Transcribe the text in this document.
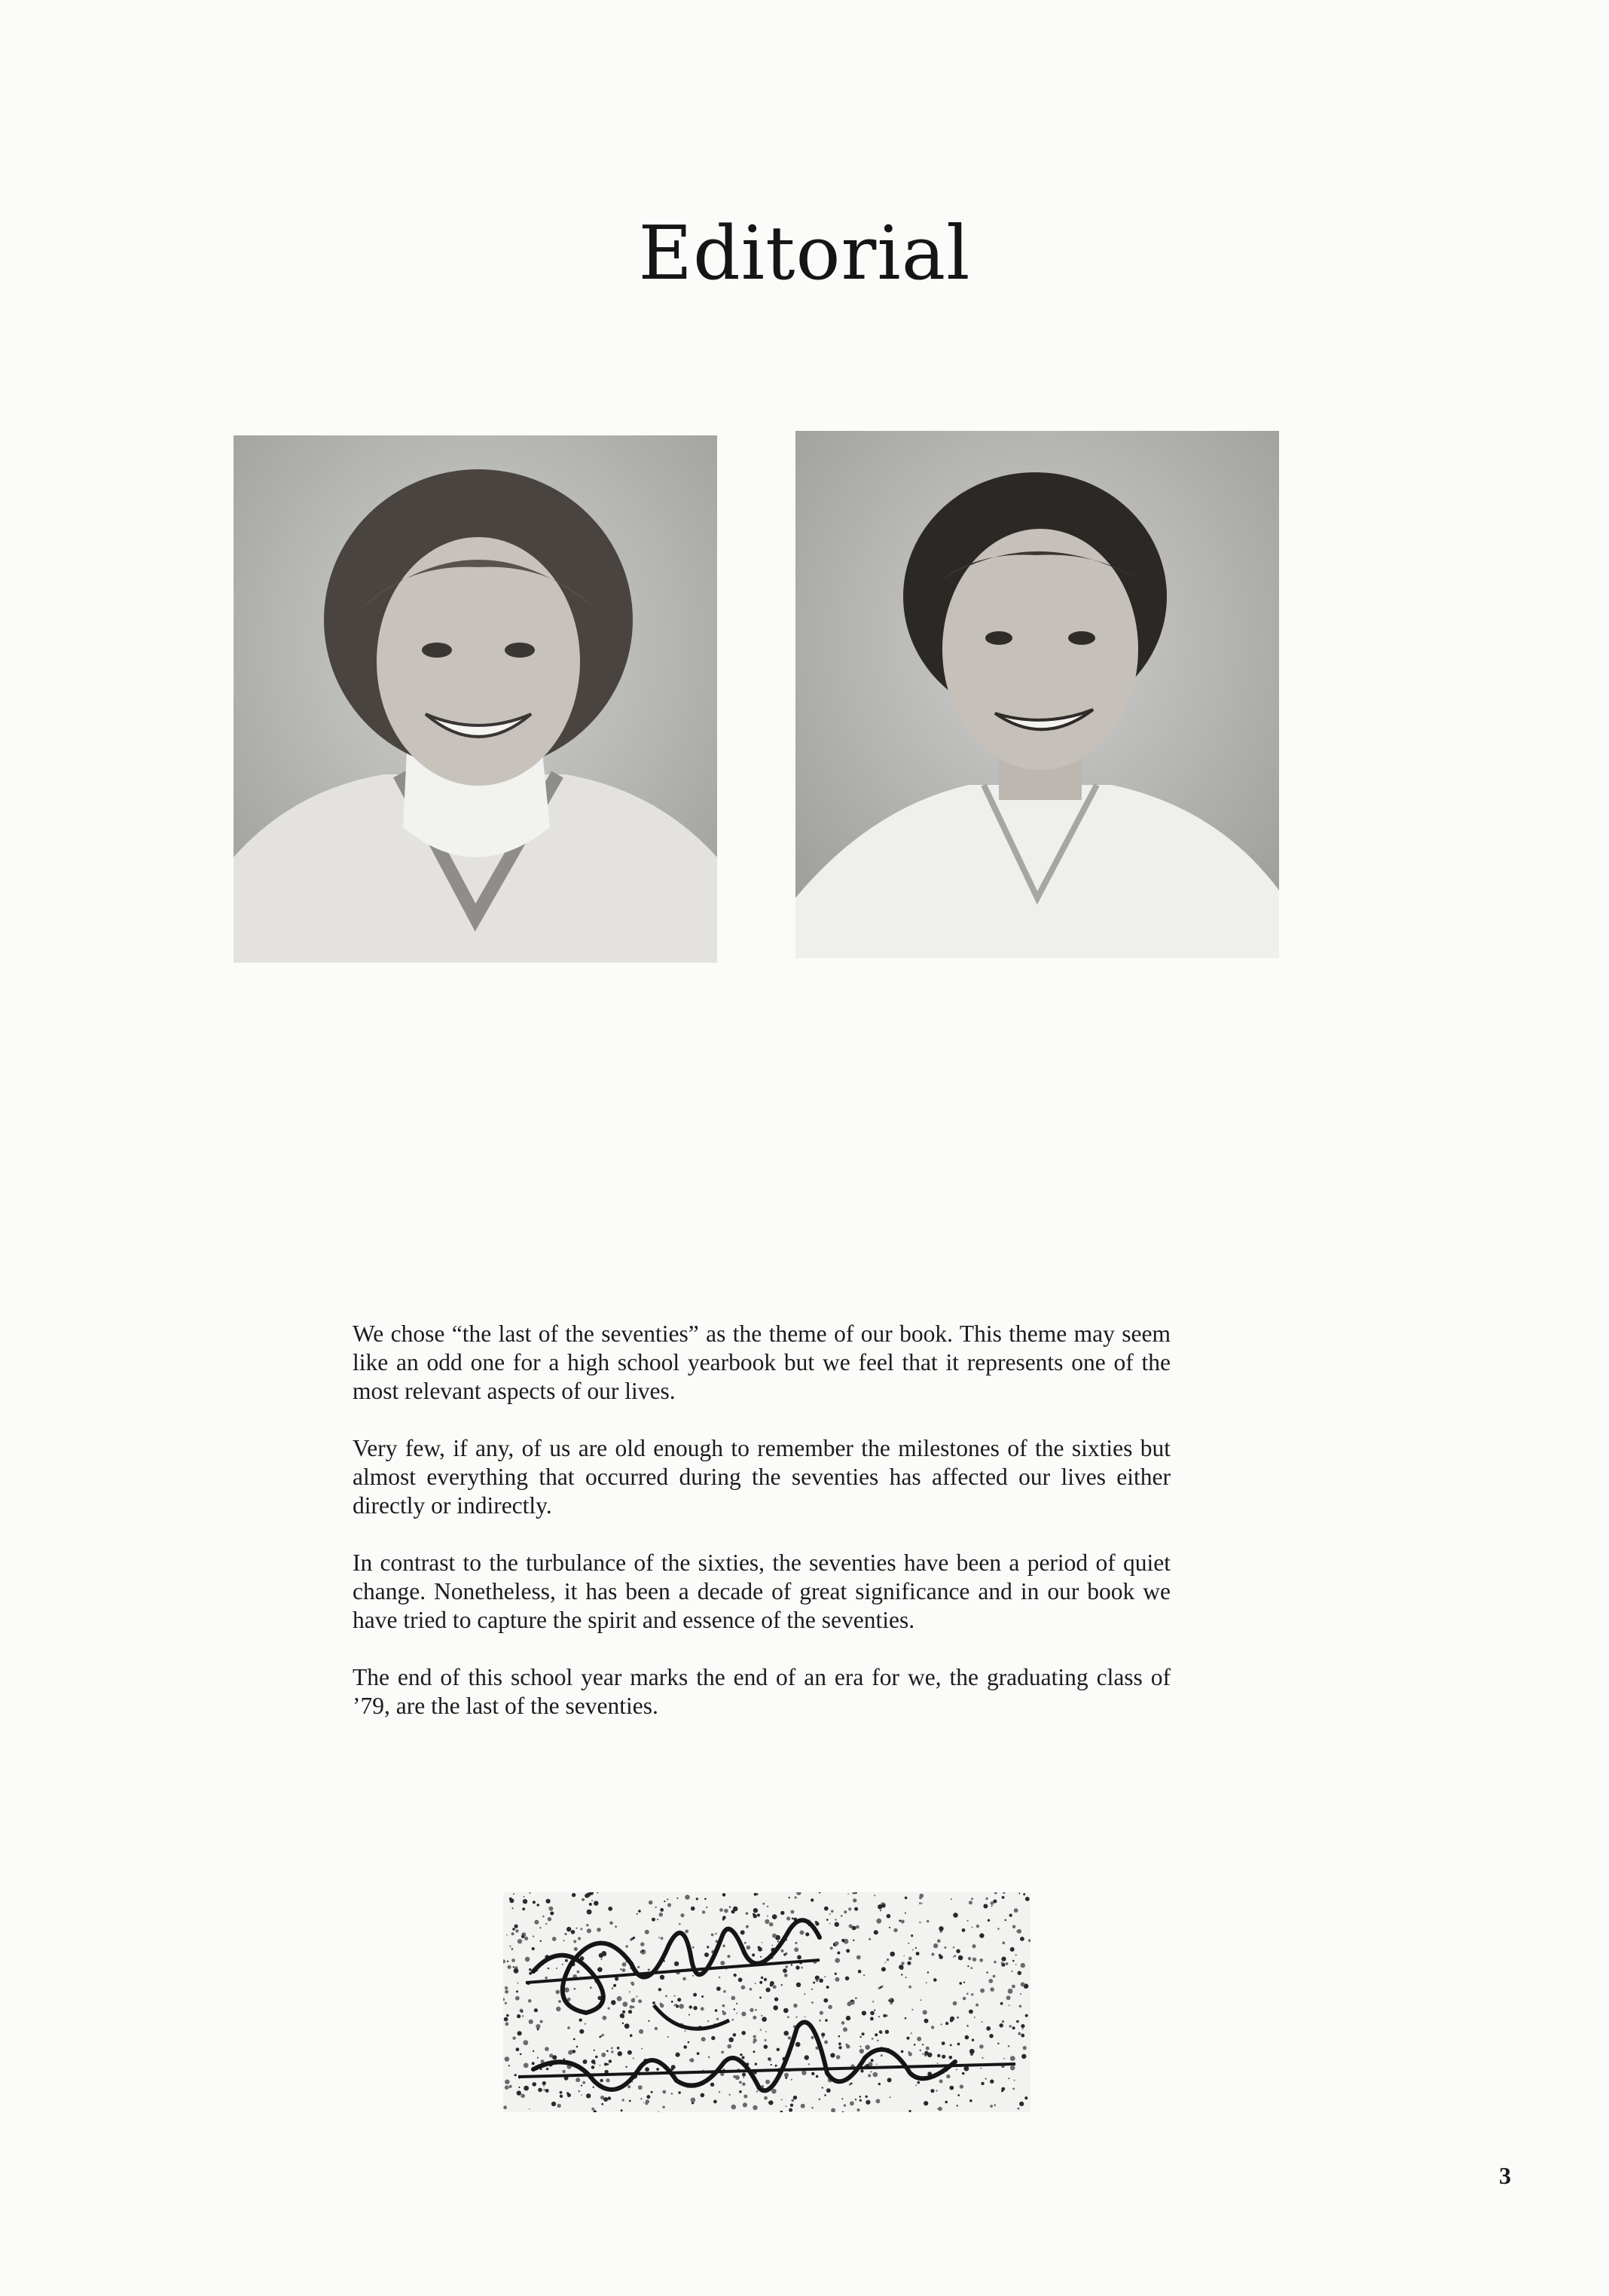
Editorial

We chose “the last of the seventies” as the theme of our book. This theme may seem like an odd one for a high school yearbook but we feel that it represents one of the most relevant aspects of our lives.

Very few, if any, of us are old enough to remember the milestones of the sixties but almost everything that occurred during the seventies has affected our lives either directly or indirectly.

In contrast to the turbulance of the sixties, the seventies have been a period of quiet change. Nonetheless, it has been a decade of great significance and in our book we have tried to capture the spirit and essence of the seventies.

The end of this school year marks the end of an era for we, the graduating class of ’79, are the last of the seventies.

3
